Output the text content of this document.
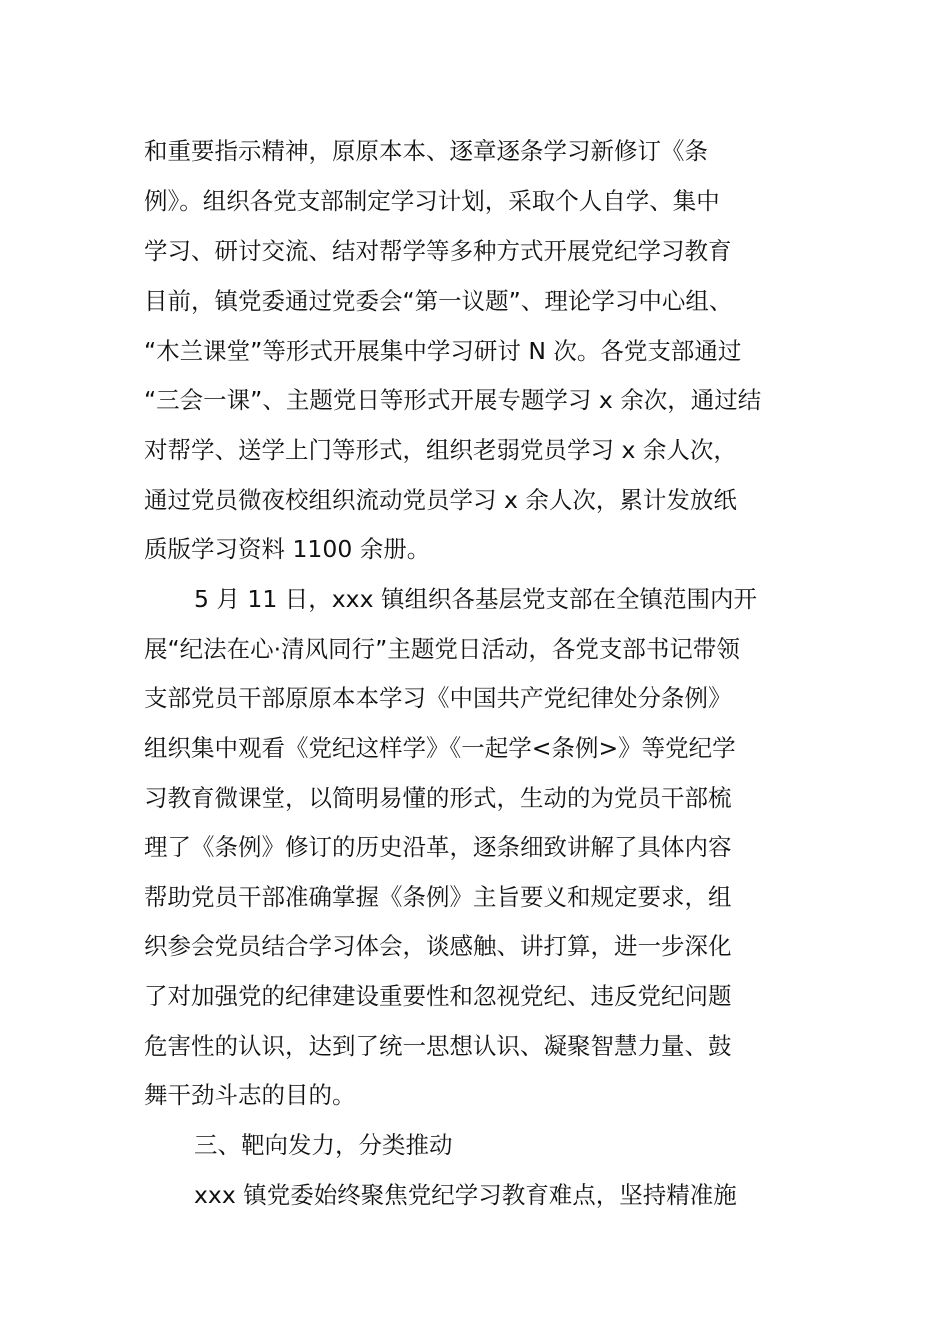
和重要指示精神，原原本本、逐章逐条学习新修订《条
例》。组织各党支部制定学习计划，采取个人自学、集中
学习、研讨交流、结对帮学等多种方式开展党纪学习教育
目前，镇党委通过党委会“第一议题”、理论学习中心组、
“木兰课堂”等形式开展集中学习研讨 N 次。各党支部通过
“三会一课”、主题党日等形式开展专题学习 x 余次，通过结
对帮学、送学上门等形式，组织老弱党员学习 x 余人次，
通过党员微夜校组织流动党员学习 x 余人次，累计发放纸
质版学习资料 1100 余册。
5 月 11 日，xxx 镇组织各基层党支部在全镇范围内开
展“纪法在心·清风同行”主题党日活动，各党支部书记带领
支部党员干部原原本本学习《中国共产党纪律处分条例》
组织集中观看《党纪这样学》《一起学<条例>》等党纪学
习教育微课堂，以简明易懂的形式，生动的为党员干部梳
理了《条例》修订的历史沿革，逐条细致讲解了具体内容
帮助党员干部准确掌握《条例》主旨要义和规定要求，组
织参会党员结合学习体会，谈感触、讲打算，进一步深化
了对加强党的纪律建设重要性和忽视党纪、违反党纪问题
危害性的认识，达到了统一思想认识、凝聚智慧力量、鼓
舞干劲斗志的目的。
三、靶向发力，分类推动
xxx 镇党委始终聚焦党纪学习教育难点，坚持精准施
